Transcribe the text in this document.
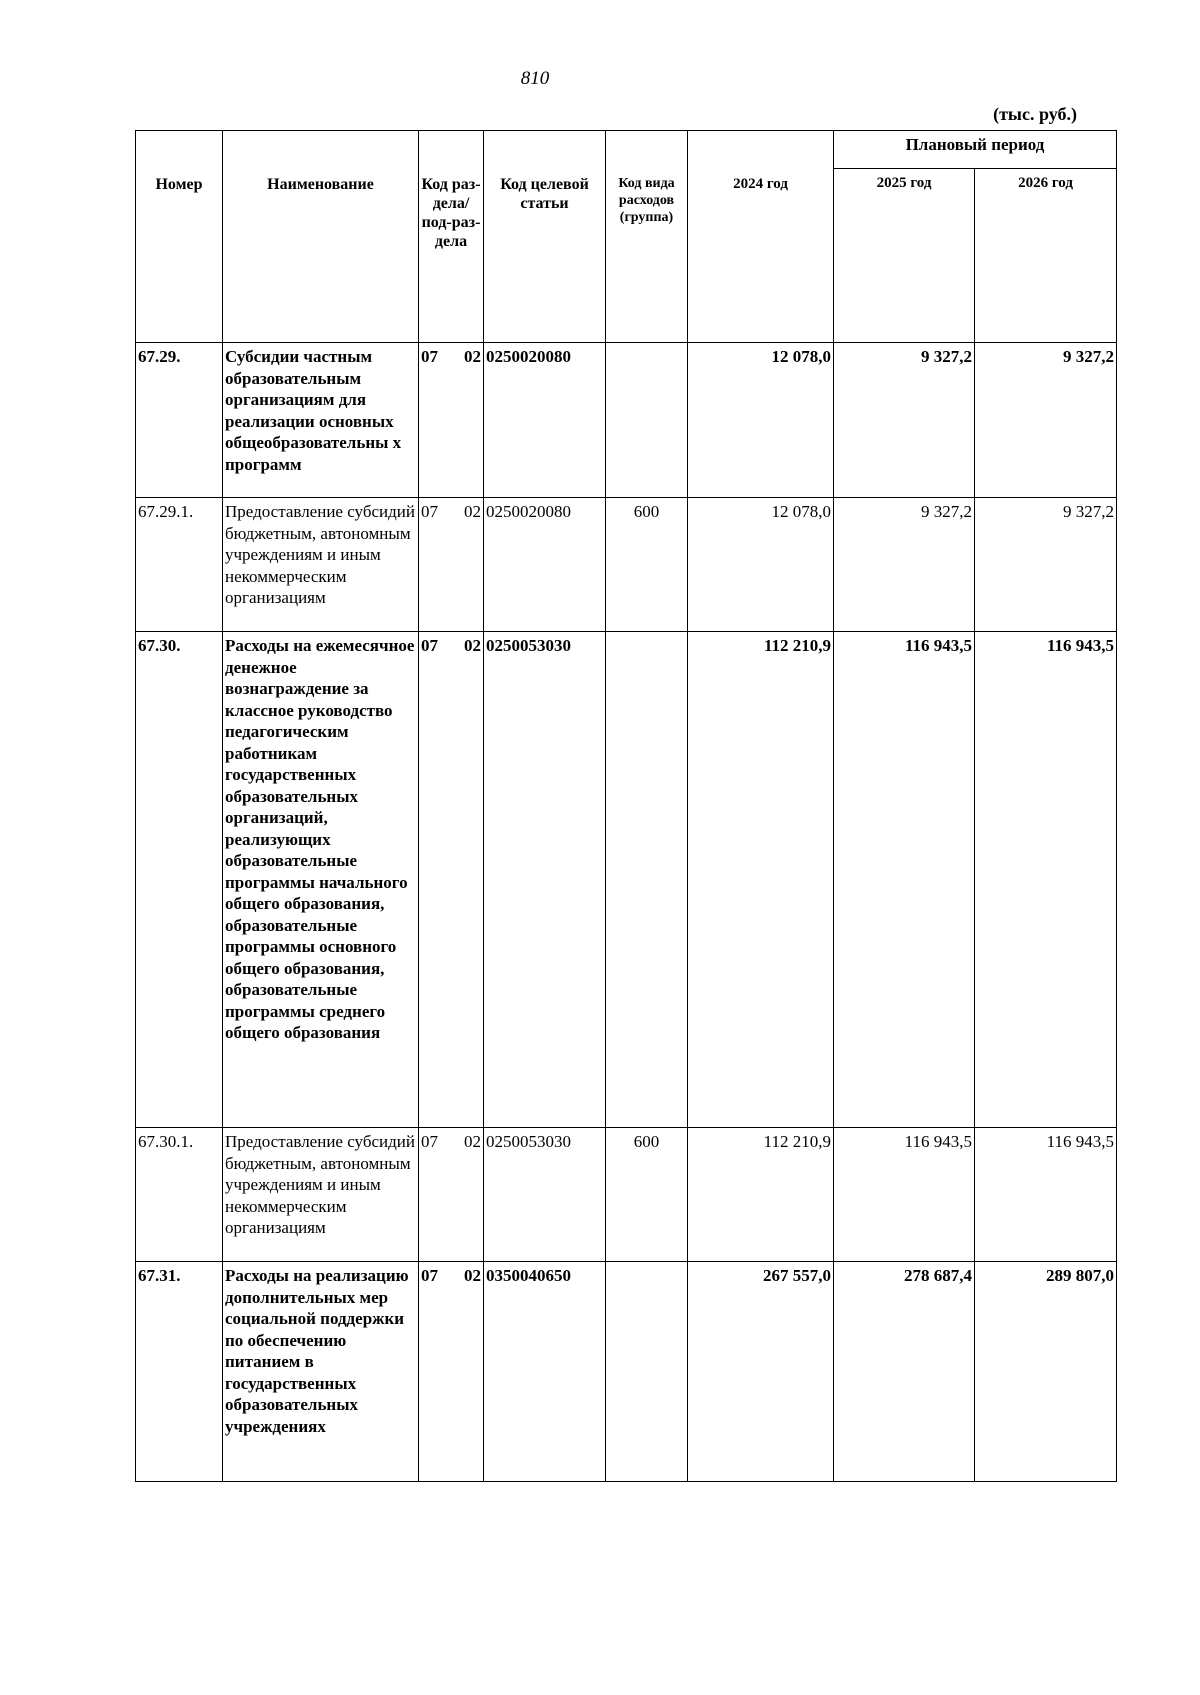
810
(тыс. руб.)
Номер	Наименование	Код раз-дела/ под-раз-дела	Код целевой статьи	Код вида расходов (группа)	2024 год	Плановый период	

						2025 год	2026 год

67.29.	Субсидии частным образовательным организациям для реализации основных общеобразовательны х программ	07 02	0250020080		12 078,0	9 327,2	9 327,2

67.29.1.	Предоставление субсидий бюджетным, автономным учреждениям и иным некоммерческим организациям	07 02	0250020080	600	12 078,0	9 327,2	9 327,2

67.30.	Расходы на ежемесячное денежное вознаграждение за классное руководство педагогическим работникам государственных образовательных организаций, реализующих образовательные программы начального общего образования, образовательные программы основного общего образования, образовательные программы среднего общего образования	07 02	0250053030		112 210,9	116 943,5	116 943,5

67.30.1.	Предоставление субсидий бюджетным, автономным учреждениям и иным некоммерческим организациям	07 02	0250053030	600	112 210,9	116 943,5	116 943,5

67.31.	Расходы на реализацию дополнительных мер социальной поддержки по обеспечению питанием в государственных образовательных учреждениях	07 02	0350040650		267 557,0	278 687,4	289 807,0
